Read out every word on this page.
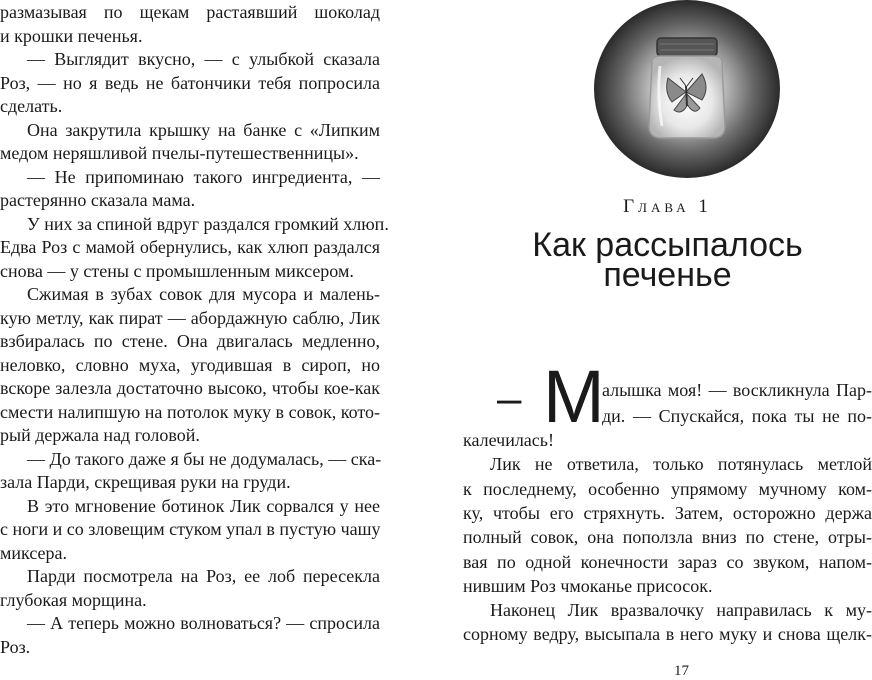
размазывая по щекам растаявший шоколад
и крошки печенья.
— Выглядит вкусно, — с улыбкой сказала
Роз, — но я ведь не батончики тебя попросила
сделать.
Она закрутила крышку на банке с «Липким
медом неряшливой пчелы-путешественницы».
— Не припоминаю такого ингредиента, —
растерянно сказала мама.
У них за спиной вдруг раздался громкий хлюп.
Едва Роз с мамой обернулись, как хлюп раздался
снова — у стены с промышленным миксером.
Сжимая в зубах совок для мусора и малень-
кую метлу, как пират — абордажную саблю, Лик
взбиралась по стене. Она двигалась медленно,
неловко, словно муха, угодившая в сироп, но
вскоре залезла достаточно высоко, чтобы кое-как
смести налипшую на потолок муку в совок, кото-
рый держала над головой.
— До такого даже я бы не додумалась, — ска-
зала Парди, скрещивая руки на груди.
В это мгновение ботинок Лик сорвался у нее
с ноги и со зловещим стуком упал в пустую чашу
миксера.
Парди посмотрела на Роз, ее лоб пересекла
глубокая морщина.
— А теперь можно волноваться? — спросила
Роз.
Глава 1
Как рассыпалось
печенье
– М
алышка моя! — воскликнула Пар-
ди. — Спускайся, пока ты не по-
калечилась!
Лик не ответила, только потянулась метлой
к последнему, особенно упрямому мучному ком-
ку, чтобы его стряхнуть. Затем, осторожно держа
полный совок, она поползла вниз по стене, отры-
вая по одной конечности зараз со звуком, напом-
нившим Роз чмоканье присосок.
Наконец Лик вразвалочку направилась к му-
сорному ведру, высыпала в него муку и снова щелк-
17
